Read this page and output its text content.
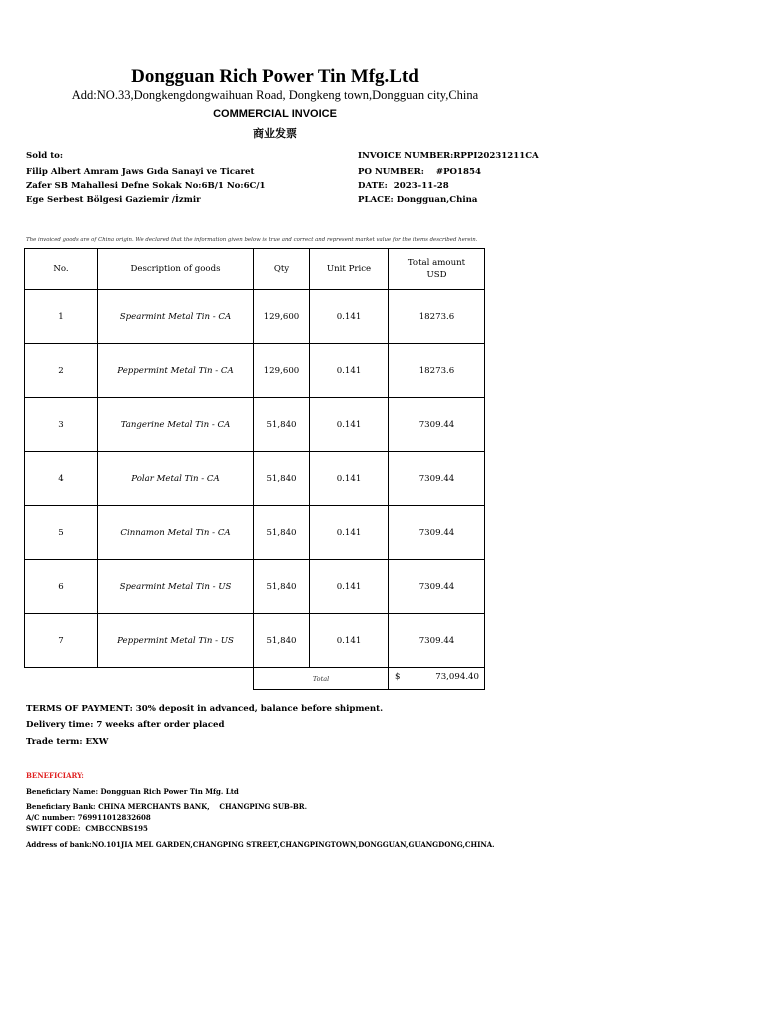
Dongguan Rich Power Tin Mfg.Ltd
Add:NO.33,Dongkengdongwaihuan Road, Dongkeng town,Dongguan city,China
COMMERCIAL INVOICE
商业发票
Sold to:
Filip Albert Amram Jaws Gıda Sanayi ve Ticaret
Zafer SB Mahallesi Defne Sokak No:6B/1 No:6C/1
Ege Serbest Bölgesi Gaziemir /İzmir
INVOICE NUMBER:RPPI20231211CA
PO NUMBER:    #PO1854
DATE:  2023-11-28
PLACE: Dongguan,China
The invoiced goods are of China origin. We declared that the information given below is true and correct and represent market value for the items described herein.
No.	Description of goods	Qty	Unit Price	Total amount
USD

1	Spearmint Metal Tin - CA	129,600	0.141	18273.6
2	Peppermint Metal Tin - CA	129,600	0.141	18273.6
3	Tangerine Metal Tin - CA	51,840	0.141	7309.44
4	Polar Metal Tin - CA	51,840	0.141	7309.44
5	Cinnamon Metal Tin - CA	51,840	0.141	7309.44
6	Spearmint Metal Tin - US	51,840	0.141	7309.44
7	Peppermint Metal Tin - US	51,840	0.141	7309.44
		Total		$ 73,094.40
TERMS OF PAYMENT: 30% deposit in advanced, balance before shipment.
Delivery time: 7 weeks after order placed
Trade term: EXW
BENEFICIARY:
Beneficiary Name: Dongguan Rich Power Tin Mfg. Ltd
Beneficiary Bank: CHINA MERCHANTS BANK,    CHANGPING SUB-BR.
A/C number: 769911012832608
SWIFT CODE:  CMBCCNBS195
Address of bank:NO.101JIA MEL GARDEN,CHANGPING STREET,CHANGPINGTOWN,DONGGUAN,GUANGDONG,CHINA.
